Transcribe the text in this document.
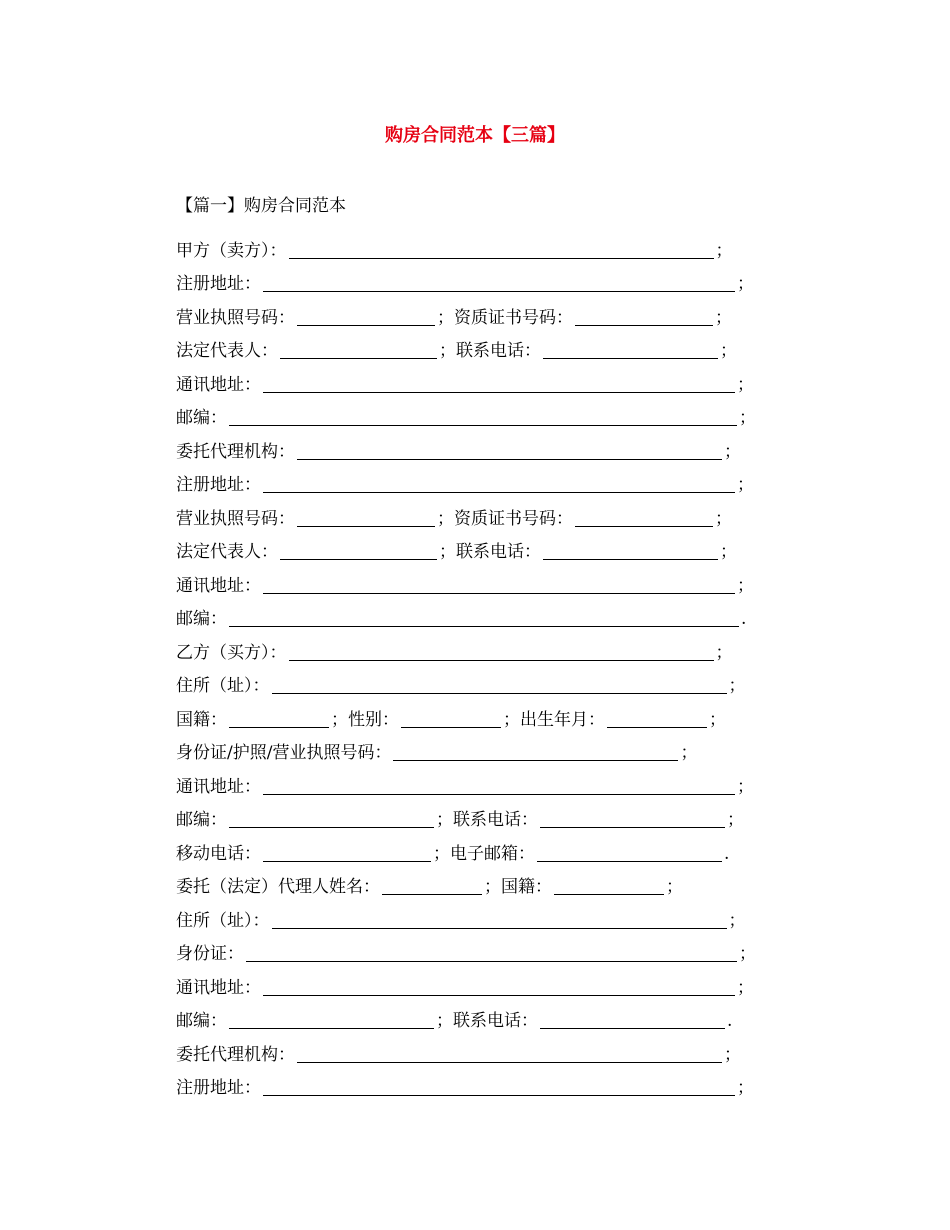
购房合同范本【三篇】
【篇一】购房合同范本
甲方（卖方）：	；
注册地址：	；
营业执照号码：	； 资质证书号码：	；
法定代表人：	； 联系电话：	；
通讯地址：	；
邮编：	；
委托代理机构：	；
注册地址：	；
营业执照号码：	； 资质证书号码：	；
法定代表人：	； 联系电话：	；
通讯地址：	；
邮编：	.
乙方（买方）：	；
住所（址）：	；
国籍：	； 性别：	； 出生年月：	；
身份证/护照/营业执照号码：	；
通讯地址：	；
邮编：	； 联系电话：	；
移动电话：	； 电子邮箱：	.
委托（法定）代理人姓名：	； 国籍：	；
住所（址）：	；
身份证：	；
通讯地址：	；
邮编：	； 联系电话：	.
委托代理机构：	；
注册地址：	；
